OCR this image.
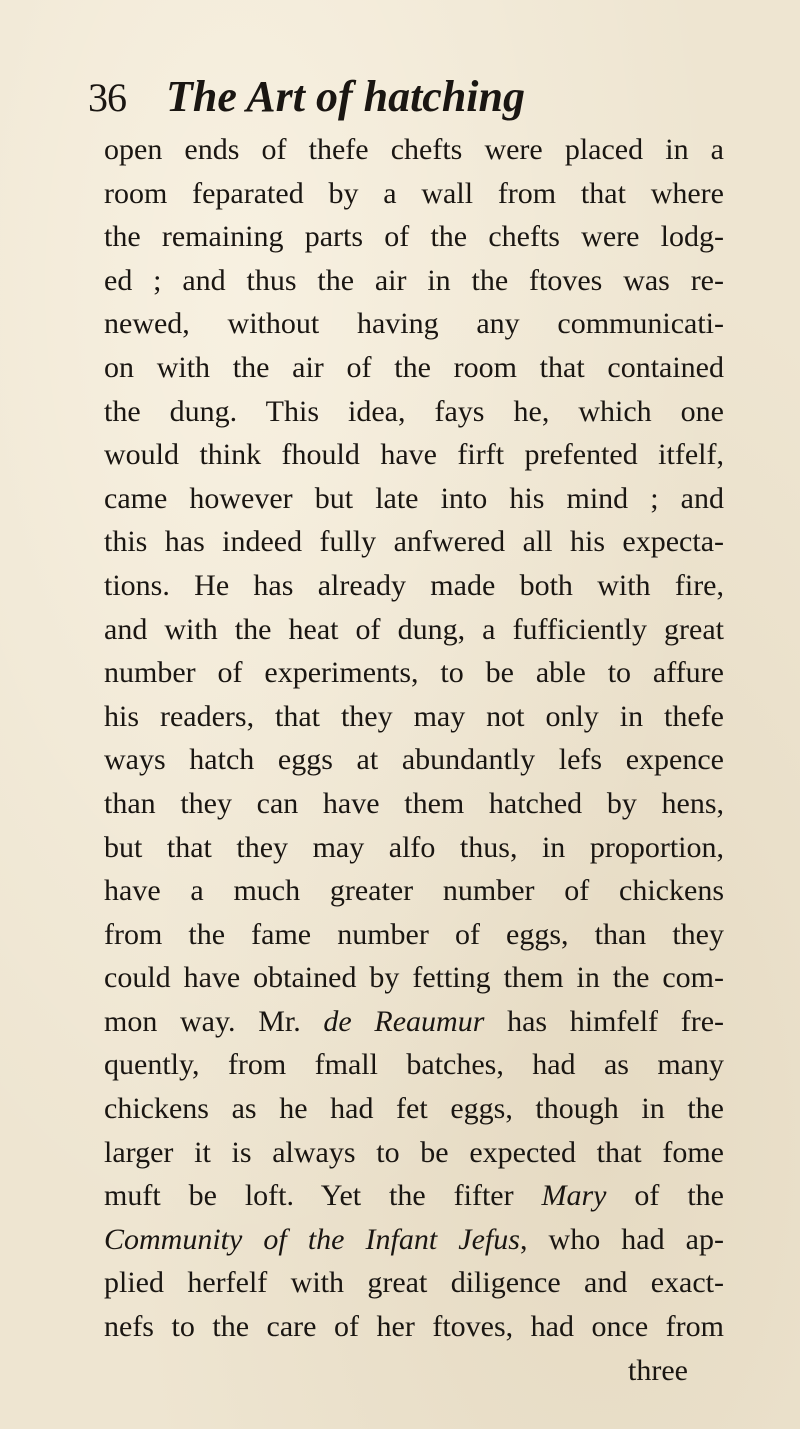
36 The Art of hatching
open ends of thefe chefts were placed in a
room feparated by a wall from that where
the remaining parts of the chefts were lodg-
ed ; and thus the air in the ftoves was re-
newed, without having any communicati-
on with the air of the room that contained
the dung. This idea, fays he, which one
would think fhould have firft prefented itfelf,
came however but late into his mind ; and
this has indeed fully anfwered all his expecta-
tions. He has already made both with fire,
and with the heat of dung, a fufficiently great
number of experiments, to be able to affure
his readers, that they may not only in thefe
ways hatch eggs at abundantly lefs expence
than they can have them hatched by hens,
but that they may alfo thus, in proportion,
have a much greater number of chickens
from the fame number of eggs, than they
could have obtained by fetting them in the com-
mon way. Mr. de Reaumur has himfelf fre-
quently, from fmall batches, had as many
chickens as he had fet eggs, though in the
larger it is always to be expected that fome
muft be loft. Yet the fifter Mary of the
Community of the Infant Jefus, who had ap-
plied herfelf with great diligence and exact-
nefs to the care of her ftoves, had once from
three
